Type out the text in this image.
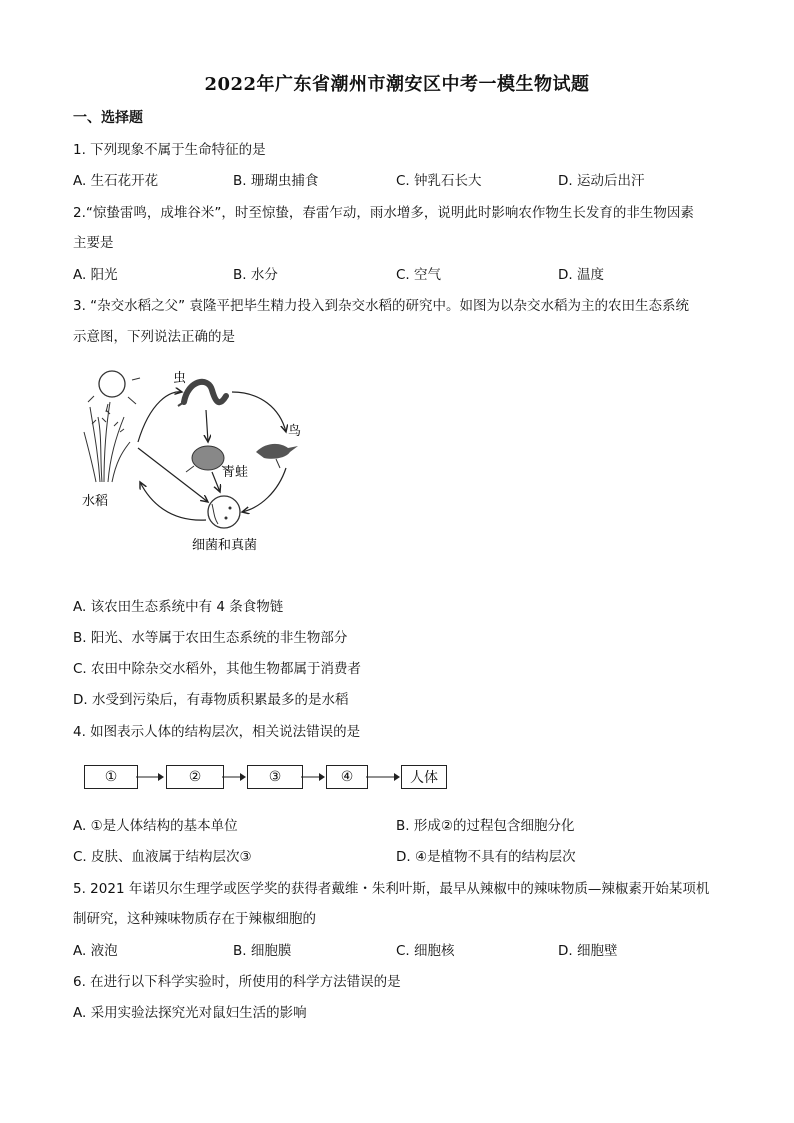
2022年广东省潮州市潮安区中考一模生物试题
一、选择题
1. 下列现象不属于生命特征的是
A. 生石花开花	B. 珊瑚虫捕食	C. 钟乳石长大	D. 运动后出汗
2.“惊蛰雷鸣，成堆谷米”，时至惊蛰，春雷乍动，雨水增多，说明此时影响农作物生长发育的非生物因素
主要是
A. 阳光	B. 水分	C. 空气	D. 温度
3. “杂交水稻之父” 袁隆平把毕生精力投入到杂交水稻的研究中。如图为以杂交水稻为主的农田生态系统
示意图，下列说法正确的是
水稻
虫
鸟
青蛙
细菌和真菌
A. 该农田生态系统中有 4 条食物链
B. 阳光、水等属于农田生态系统的非生物部分
C. 农田中除杂交水稻外，其他生物都属于消费者
D. 水受到污染后，有毒物质积累最多的是水稻
4. 如图表示人体的结构层次，相关说法错误的是
①	②	③	④	人体
A. ①是人体结构的基本单位	B. 形成②的过程包含细胞分化
C. 皮肤、血液属于结构层次③	D. ④是植物不具有的结构层次
5. 2021 年诺贝尔生理学或医学奖的获得者戴维・朱利叶斯，最早从辣椒中的辣味物质—辣椒素开始某项机
制研究，这种辣味物质存在于辣椒细胞的
A. 液泡	B. 细胞膜	C. 细胞核	D. 细胞壁
6. 在进行以下科学实验时，所使用的科学方法错误的是
A. 采用实验法探究光对鼠妇生活的影响
